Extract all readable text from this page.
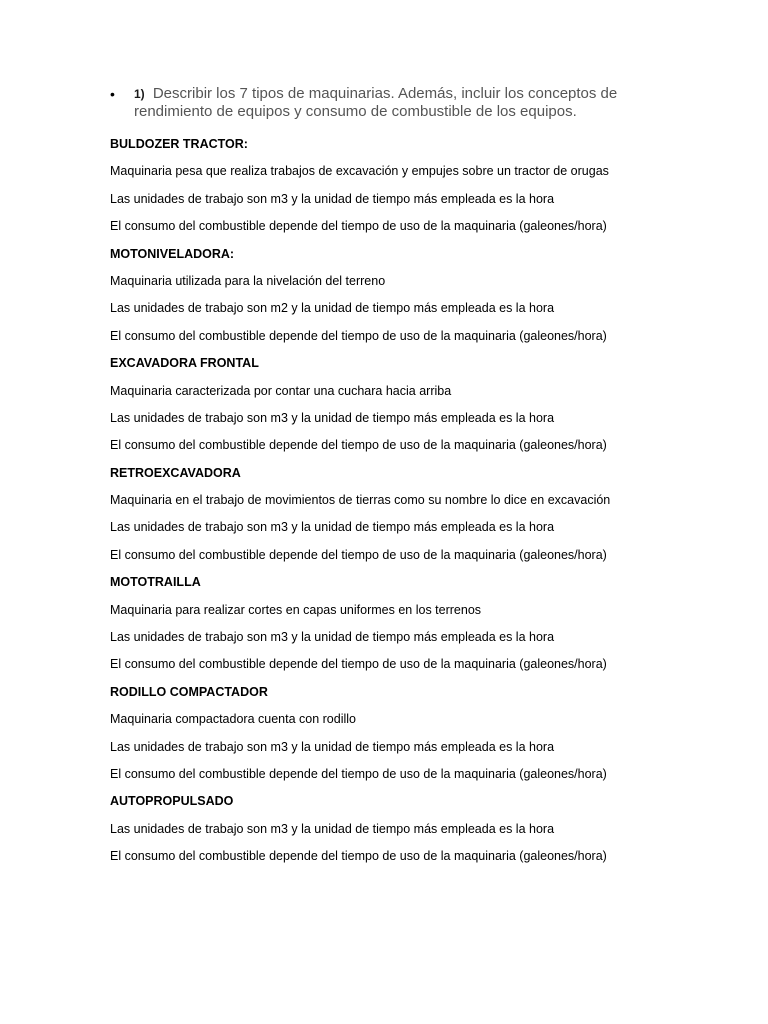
•	1) Describir los 7 tipos de maquinarias. Además, incluir los conceptos de rendimiento de equipos y consumo de combustible de los equipos.
BULDOZER TRACTOR:
Maquinaria pesa que realiza trabajos de excavación y empujes sobre un tractor de orugas
Las unidades de trabajo son m3 y la unidad de tiempo más empleada es la hora
El consumo del combustible depende del tiempo de uso de la maquinaria (galeones/hora)
MOTONIVELADORA:
Maquinaria utilizada para la nivelación del terreno
Las unidades de trabajo son m2 y la unidad de tiempo más empleada es la hora
El consumo del combustible depende del tiempo de uso de la maquinaria (galeones/hora)
EXCAVADORA FRONTAL
Maquinaria caracterizada por contar una cuchara hacia arriba
Las unidades de trabajo son m3 y la unidad de tiempo más empleada es la hora
El consumo del combustible depende del tiempo de uso de la maquinaria (galeones/hora)
RETROEXCAVADORA
Maquinaria en el trabajo de movimientos de tierras como su nombre lo dice en excavación
Las unidades de trabajo son m3 y la unidad de tiempo más empleada es la hora
El consumo del combustible depende del tiempo de uso de la maquinaria (galeones/hora)
MOTOTRAILLA
Maquinaria para realizar cortes en capas uniformes en los terrenos
Las unidades de trabajo son m3 y la unidad de tiempo más empleada es la hora
El consumo del combustible depende del tiempo de uso de la maquinaria (galeones/hora)
RODILLO COMPACTADOR
Maquinaria compactadora cuenta con rodillo
Las unidades de trabajo son m3 y la unidad de tiempo más empleada es la hora
El consumo del combustible depende del tiempo de uso de la maquinaria (galeones/hora)
AUTOPROPULSADO
Las unidades de trabajo son m3 y la unidad de tiempo más empleada es la hora
El consumo del combustible depende del tiempo de uso de la maquinaria (galeones/hora)
